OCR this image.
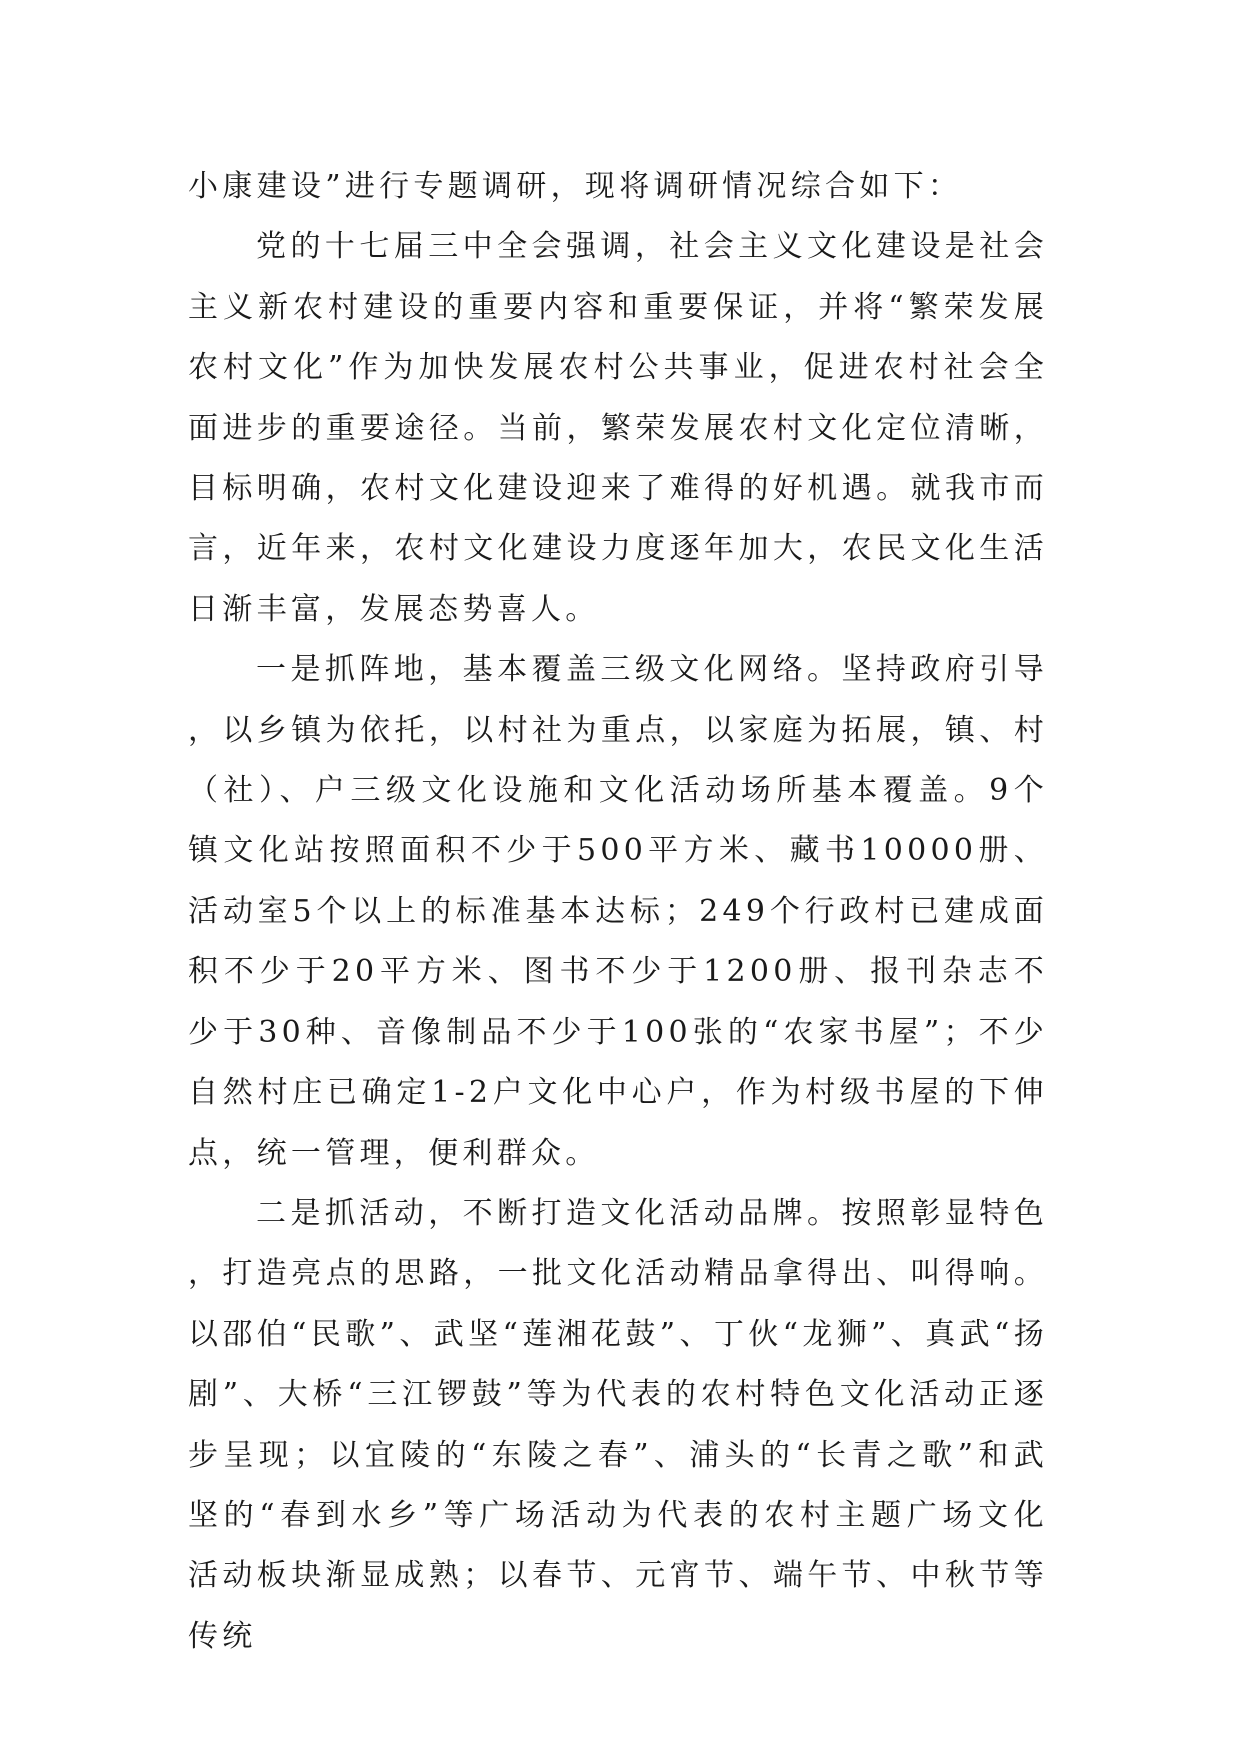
小康建设”进行专题调研，现将调研情况综合如下：

党的十七届三中全会强调，社会主义文化建设是社会主义新农村建设的重要内容和重要保证，并将“繁荣发展农村文化”作为加快发展农村公共事业，促进农村社会全面进步的重要途径。当前，繁荣发展农村文化定位清晰，目标明确，农村文化建设迎来了难得的好机遇。就我市而言，近年来，农村文化建设力度逐年加大，农民文化生活日渐丰富，发展态势喜人。

一是抓阵地，基本覆盖三级文化网络。坚持政府引导，以乡镇为依托，以村社为重点，以家庭为拓展，镇、村（社）、户三级文化设施和文化活动场所基本覆盖。9个镇文化站按照面积不少于500平方米、藏书10000册、活动室5个以上的标准基本达标；249个行政村已建成面积不少于20平方米、图书不少于1200册、报刊杂志不少于30种、音像制品不少于100张的“农家书屋”；不少自然村庄已确定1-2户文化中心户，作为村级书屋的下伸点，统一管理，便利群众。

二是抓活动，不断打造文化活动品牌。按照彰显特色，打造亮点的思路，一批文化活动精品拿得出、叫得响。以邵伯“民歌”、武坚“莲湘花鼓”、丁伙“龙狮”、真武“扬剧”、大桥“三江锣鼓”等为代表的农村特色文化活动正逐步呈现；以宜陵的“东陵之春”、浦头的“长青之歌”和武坚的“春到水乡”等广场活动为代表的农村主题广场文化活动板块渐显成熟；以春节、元宵节、端午节、中秋节等传统
